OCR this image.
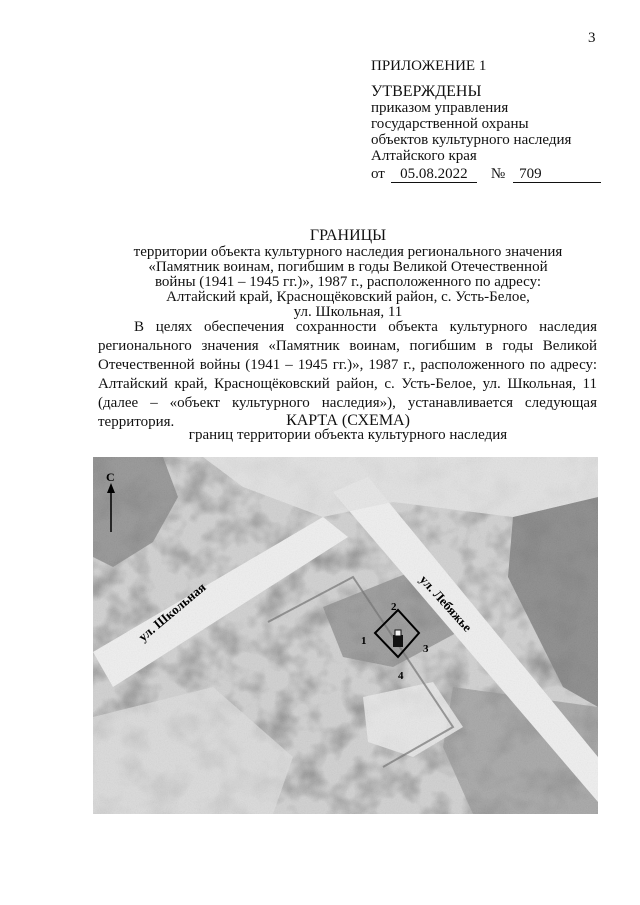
3
ПРИЛОЖЕНИЕ 1
УТВЕРЖДЕНЫ
приказом управления
государственной охраны
объектов культурного наследия
Алтайского края
от 05.08.2022 № 709
ГРАНИЦЫ
территории объекта культурного наследия регионального значения
«Памятник воинам, погибшим в годы Великой Отечественной
войны (1941 – 1945 гг.)», 1987 г., расположенного по адресу:
Алтайский край, Краснощёковский район, с. Усть-Белое,
ул. Школьная, 11

В целях обеспечения сохранности объекта культурного наследия регионального значения «Памятник воинам, погибшим в годы Великой Отечественной войны (1941 – 1945 гг.)», 1987 г., расположенного по адресу: Алтайский край, Краснощёковский район, с. Усть-Белое, ул. Школьная, 11 (далее – «объект культурного наследия»), устанавливается следующая территория.	КАРТА (СХЕМА)
границ территории объекта культурного наследия
С
ул. Школьная	ул. Лебяжье
1
2
3
4
